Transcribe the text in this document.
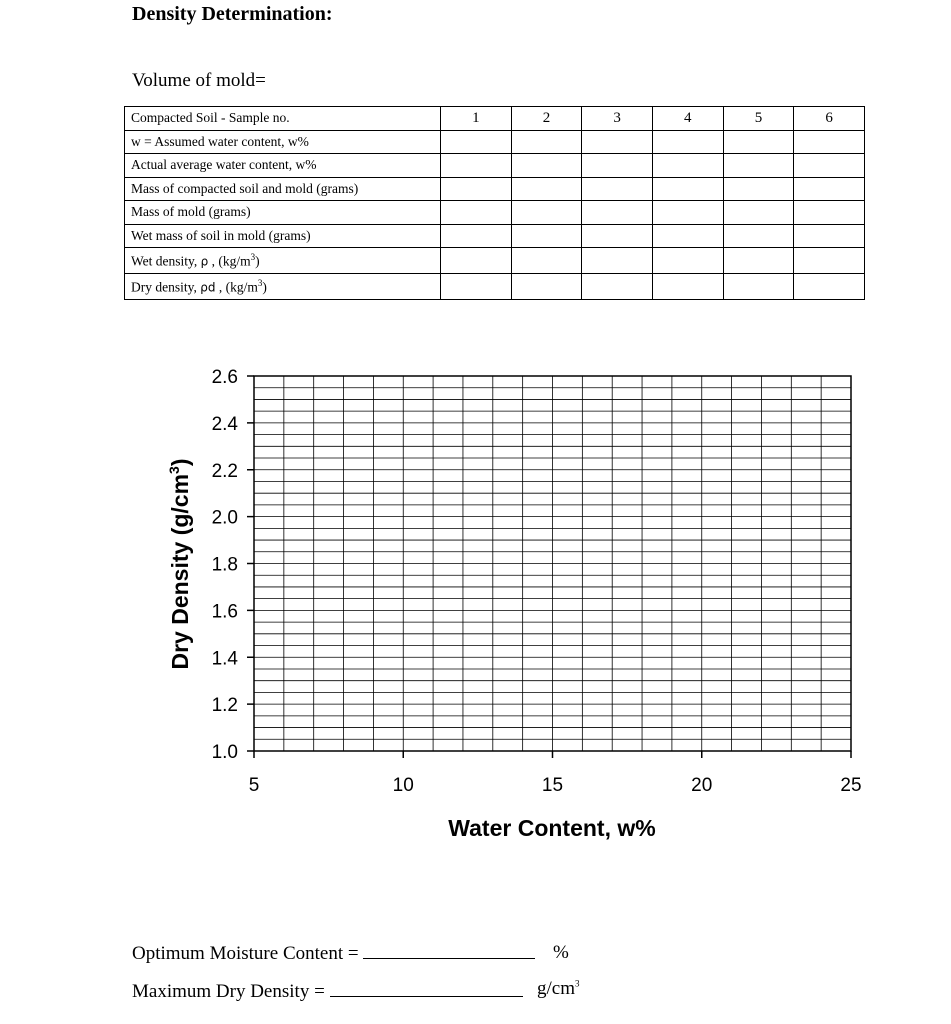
Density Determination:
Volume of mold=
Compacted Soil - Sample no.	1	2	3	4	5	6
w = Assumed water content, w%						
Actual average water content, w%						
Mass of compacted soil and mold (grams)						
Mass of mold (grams)						
Wet mass of soil in mold (grams)						
Wet density, ρ , $(kg/m^3)$						
Dry density, ρd , $(kg/m^3)$						
2.6
2.4
2.2
2.0
1.8
1.6
1.4
1.2
1.0
5	10	15	20	25
Water Content, w%
Dry Density $(g/cm^3)$
Optimum Moisture Content =	%
Maximum Dry Density =	$g/cm^3$
